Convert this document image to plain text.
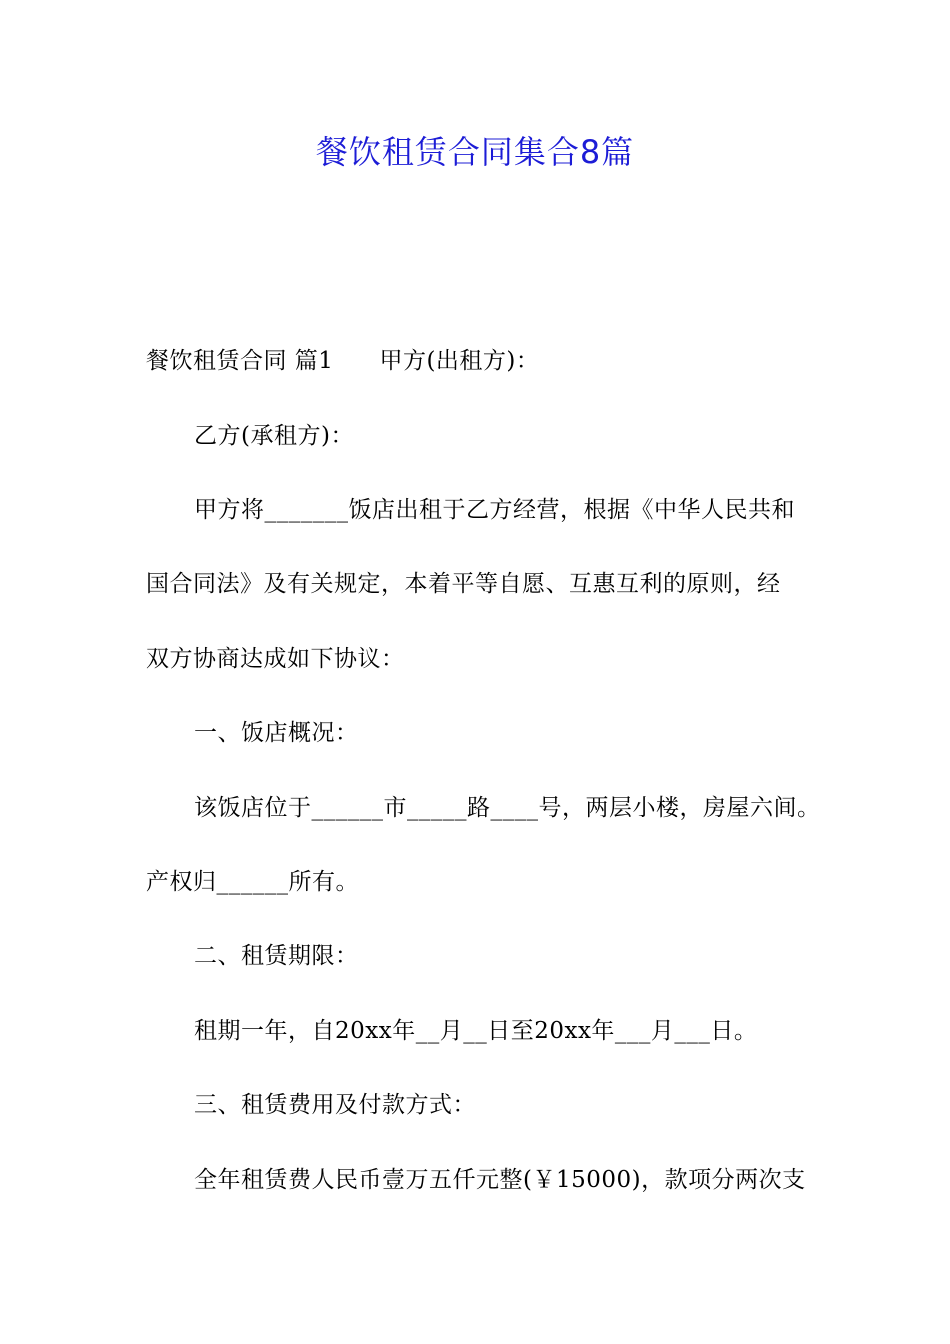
餐饮租赁合同集合8篇
餐饮租赁合同 篇1 甲方(出租方)：
乙方(承租方)：
甲方将_______饭店出租于乙方经营，根据《中华人民共和
国合同法》及有关规定，本着平等自愿、互惠互利的原则，经
双方协商达成如下协议：
一、饭店概况：
该饭店位于______市_____路____号，两层小楼，房屋六间。
产权归______所有。
二、租赁期限：
租期一年，自20xx年__月__日至20xx年___月___日。
三、租赁费用及付款方式：
全年租赁费人民币壹万五仟元整(￥15000)，款项分两次支
